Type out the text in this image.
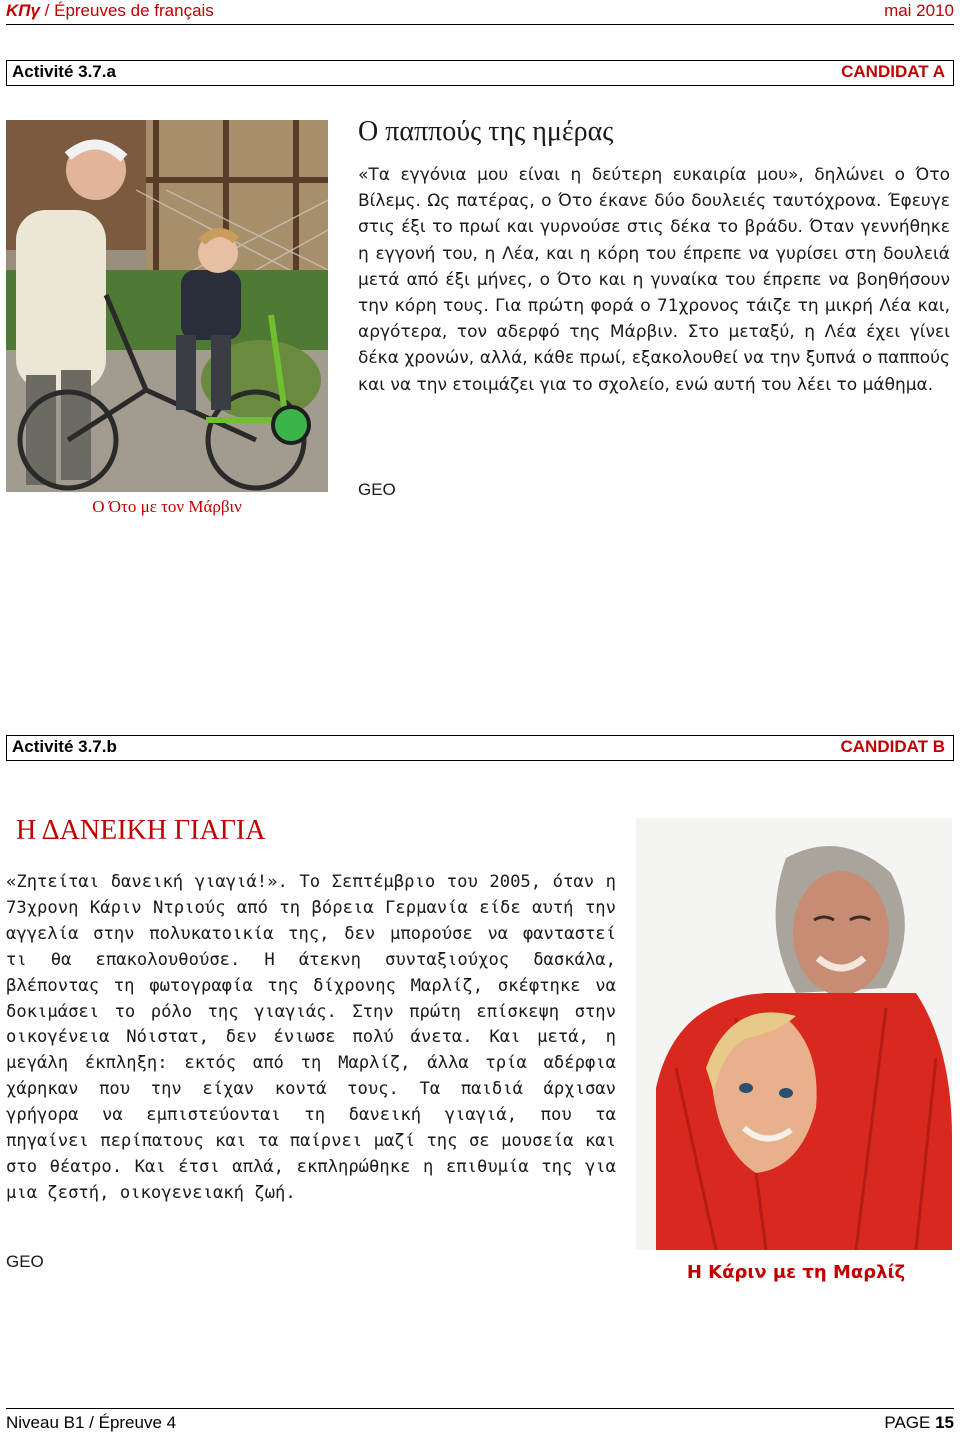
ΚΠγ / Épreuves de français	mai 2010
Activité 3.7.a	CANDIDAT A
Ο Ότο με τον Μάρβιν
Ο παππούς της ημέρας
«Τα εγγόνια μου είναι η δεύτερη ευκαιρία μου», δηλώνει ο Ότο Βίλεμς. Ως πατέρας, ο Ότο έκανε δύο δουλειές ταυτόχρονα. Έφευγε στις έξι το πρωί και γυρνούσε στις δέκα το βράδυ. Όταν γεννήθηκε η εγγονή του, η Λέα, και η κόρη του έπρεπε να γυρίσει στη δουλειά μετά από έξι μήνες, ο Ότο και η γυναίκα του έπρεπε να βοηθήσουν την κόρη τους. Για πρώτη φορά ο 71χρονος τάιζε τη μικρή Λέα και, αργότερα, τον αδερφό της Μάρβιν. Στο μεταξύ, η Λέα έχει γίνει δέκα χρονών, αλλά, κάθε πρωί, εξακολουθεί να την ξυπνά ο παππούς και να την ετοιμάζει για το σχολείο, ενώ αυτή του λέει το μάθημα.
GEO
Activité 3.7.b	CANDIDAT B
Η ΔΑΝΕΙΚΗ ΓΙΑΓΙΑ
«Ζητείται δανεική γιαγιά!». Το Σεπτέμβριο του 2005, όταν η 73χρονη Κάριν Ντριούς από τη βόρεια Γερμανία είδε αυτή την αγγελία στην πολυκατοικία της, δεν μπορούσε να φανταστεί τι θα επακολουθούσε. Η άτεκνη συνταξιούχος δασκάλα, βλέποντας τη φωτογραφία της δίχρονης Μαρλίζ, σκέφτηκε να δοκιμάσει το ρόλο της γιαγιάς. Στην πρώτη επίσκεψη στην οικογένεια Νόιστατ, δεν ένιωσε πολύ άνετα. Και μετά, η μεγάλη έκπληξη: εκτός από τη Μαρλίζ, άλλα τρία αδέρφια χάρηκαν που την είχαν κοντά τους. Τα παιδιά άρχισαν γρήγορα να εμπιστεύονται τη δανεική γιαγιά, που τα πηγαίνει περίπατους και τα παίρνει μαζί της σε μουσεία και στο θέατρο. Και έτσι απλά, εκπληρώθηκε η επιθυμία της για μια ζεστή, οικογενειακή ζωή.
GEO
Η Κάριν με τη Μαρλίζ
Niveau B1 / Épreuve 4	PAGE 15
